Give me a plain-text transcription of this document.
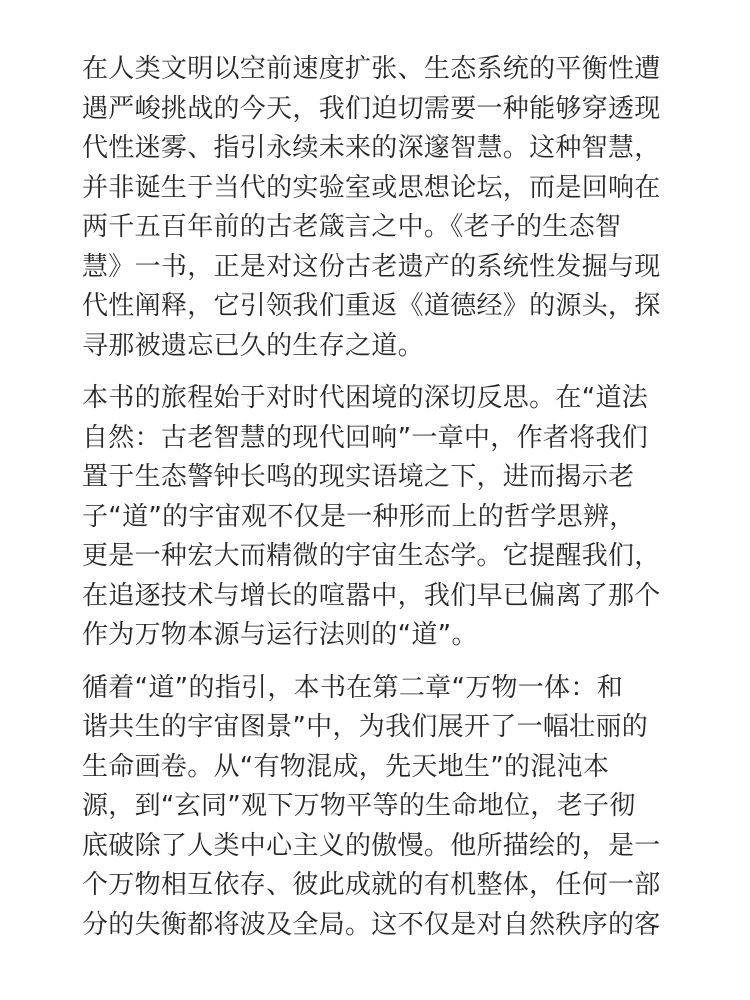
在人类文明以空前速度扩张、生态系统的平衡性遭
遇严峻挑战的今天，我们迫切需要一种能够穿透现
代性迷雾、指引永续未来的深邃智慧。这种智慧，
并非诞生于当代的实验室或思想论坛，而是回响在
两千五百年前的古老箴言之中。《老子的生态智
慧》一书，正是对这份古老遗产的系统性发掘与现
代性阐释，它引领我们重返《道德经》的源头，探
寻那被遗忘已久的生存之道。
本书的旅程始于对时代困境的深切反思。在“道法
自然：古老智慧的现代回响”一章中，作者将我们
置于生态警钟长鸣的现实语境之下，进而揭示老
子“道”的宇宙观不仅是一种形而上的哲学思辨，
更是一种宏大而精微的宇宙生态学。它提醒我们，
在追逐技术与增长的喧嚣中，我们早已偏离了那个
作为万物本源与运行法则的“道”。
循着“道”的指引，本书在第二章“万物一体：和
谐共生的宇宙图景”中，为我们展开了一幅壮丽的
生命画卷。从“有物混成，先天地生”的混沌本
源，到“玄同”观下万物平等的生命地位，老子彻
底破除了人类中心主义的傲慢。他所描绘的，是一
个万物相互依存、彼此成就的有机整体，任何一部
分的失衡都将波及全局。这不仅是对自然秩序的客
